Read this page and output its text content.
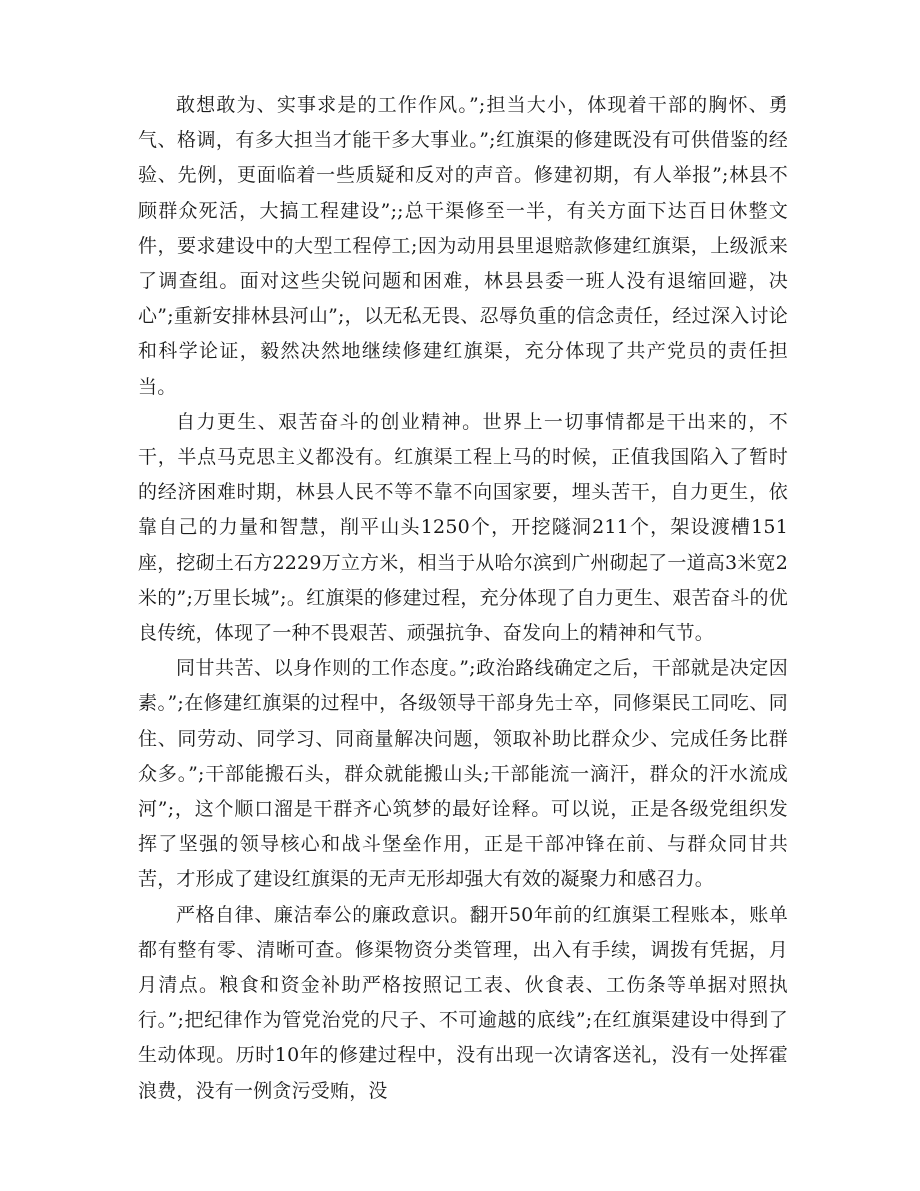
敢想敢为、实事求是的工作作风。”;担当大小，体现着干部的胸怀、勇气、格调，有多大担当才能干多大事业。”;红旗渠的修建既没有可供借鉴的经验、先例，更面临着一些质疑和反对的声音。修建初期，有人举报”;林县不顾群众死活，大搞工程建设”;;总干渠修至一半，有关方面下达百日休整文件，要求建设中的大型工程停工;因为动用县里退赔款修建红旗渠，上级派来了调查组。面对这些尖锐问题和困难，林县县委一班人没有退缩回避，决心”;重新安排林县河山”;，以无私无畏、忍辱负重的信念责任，经过深入讨论和科学论证，毅然决然地继续修建红旗渠，充分体现了共产党员的责任担当。

自力更生、艰苦奋斗的创业精神。世界上一切事情都是干出来的，不干，半点马克思主义都没有。红旗渠工程上马的时候，正值我国陷入了暂时的经济困难时期，林县人民不等不靠不向国家要，埋头苦干，自力更生，依靠自己的力量和智慧，削平山头1250个，开挖隧洞211个，架设渡槽151座，挖砌土石方2229万立方米，相当于从哈尔滨到广州砌起了一道高3米宽2米的”;万里长城”;。红旗渠的修建过程，充分体现了自力更生、艰苦奋斗的优良传统，体现了一种不畏艰苦、顽强抗争、奋发向上的精神和气节。

同甘共苦、以身作则的工作态度。”;政治路线确定之后，干部就是决定因素。”;在修建红旗渠的过程中，各级领导干部身先士卒，同修渠民工同吃、同住、同劳动、同学习、同商量解决问题，领取补助比群众少、完成任务比群众多。”;干部能搬石头，群众就能搬山头;干部能流一滴汗，群众的汗水流成河”;，这个顺口溜是干群齐心筑梦的最好诠释。可以说，正是各级党组织发挥了坚强的领导核心和战斗堡垒作用，正是干部冲锋在前、与群众同甘共苦，才形成了建设红旗渠的无声无形却强大有效的凝聚力和感召力。

严格自律、廉洁奉公的廉政意识。翻开50年前的红旗渠工程账本，账单都有整有零、清晰可查。修渠物资分类管理，出入有手续，调拨有凭据，月月清点。粮食和资金补助严格按照记工表、伙食表、工伤条等单据对照执行。”;把纪律作为管党治党的尺子、不可逾越的底线”;在红旗渠建设中得到了生动体现。历时10年的修建过程中，没有出现一次请客送礼，没有一处挥霍浪费，没有一例贪污受贿，没
